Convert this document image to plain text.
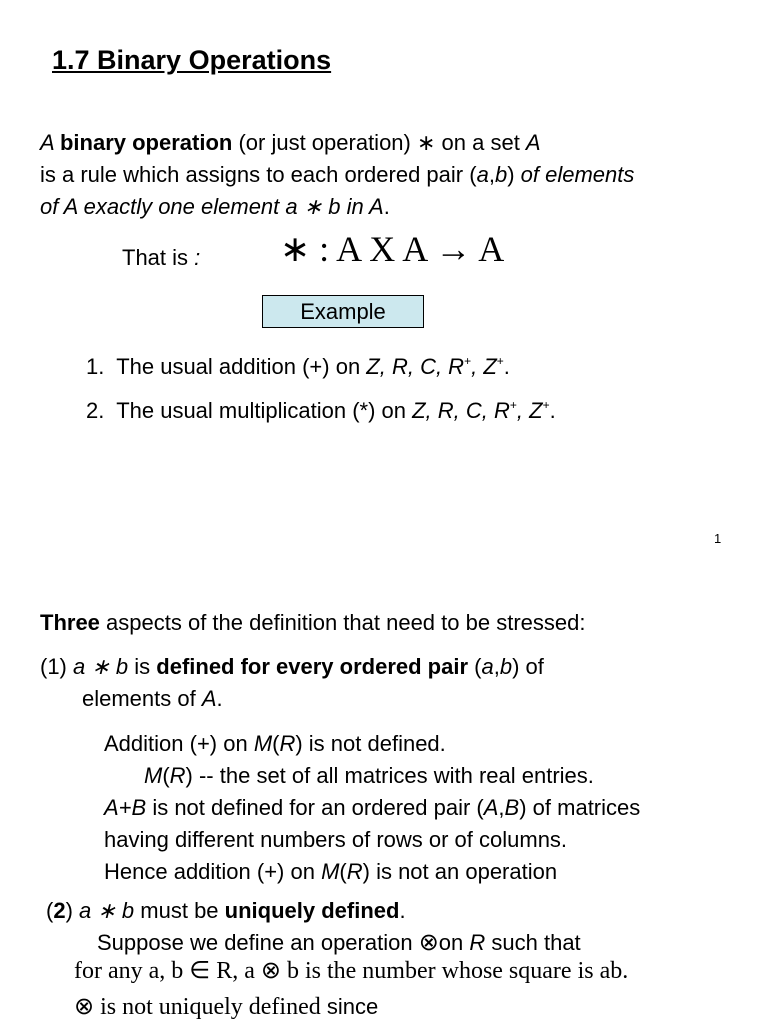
1.7 Binary Operations
A binary operation (or just operation) ∗ on a set A
is a rule which assigns to each ordered pair (a,b) of elements
of A exactly one element a ∗ b in A.
That is : ∗ : A X A → A
Example
1. The usual addition (+) on Z, R, C, R+, Z+.
2. The usual multiplication (*) on Z, R, C, R+, Z+.
1
Three aspects of the definition that need to be stressed:
(1) a ∗ b is defined for every ordered pair (a,b) of
elements of A.
Addition (+) on M(R) is not defined.
M(R) -- the set of all matrices with real entries.
A+B is not defined for an ordered pair (A,B) of matrices
having different numbers of rows or of columns.
Hence addition (+) on M(R) is not an operation
(2) a ∗ b must be uniquely defined.
Suppose we define an operation ⊗on R such that
for any a, b ∈ R, a ⊗ b is the number whose square is ab.
⊗ is not uniquely defined since
